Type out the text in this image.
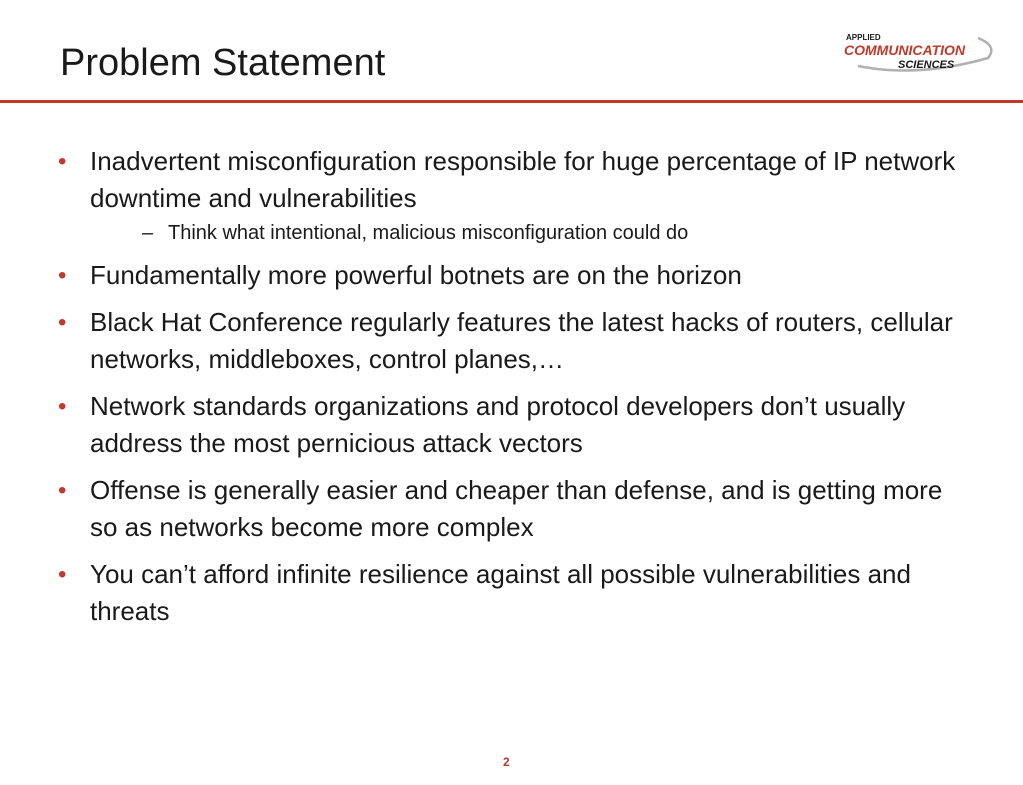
Problem Statement
APPLIED
COMMUNICATION
SCIENCES
• Inadvertent misconfiguration responsible for huge percentage of IP network downtime and vulnerabilities
– Think what intentional, malicious misconfiguration could do
• Fundamentally more powerful botnets are on the horizon
• Black Hat Conference regularly features the latest hacks of routers, cellular networks, middleboxes, control planes,…
• Network standards organizations and protocol developers don’t usually address the most pernicious attack vectors
• Offense is generally easier and cheaper than defense, and is getting more so as networks become more complex
• You can’t afford infinite resilience against all possible vulnerabilities and threats
2
